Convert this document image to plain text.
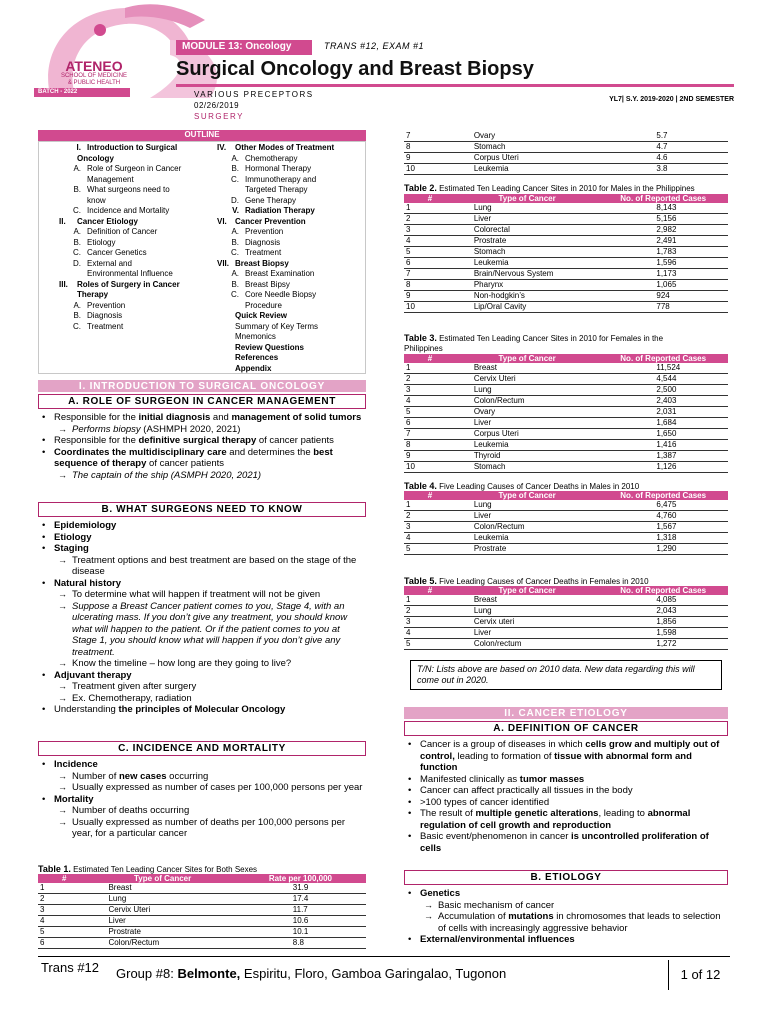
ATENEO
SCHOOL OF MEDICINE
& PUBLIC HEALTH
BATCH - 2022
MODULE 13: Oncology	TRANS #12, EXAM #1
Surgical Oncology and Breast Biopsy
VARIOUS PRECEPTORS
02/26/2019
SURGERY
YL7| S.Y. 2019-2020 | 2ND SEMESTER
OUTLINE
I. Introduction to Surgical
Oncology
A. Role of Surgeon in Cancer
Management
B. What surgeons need to
know
C. Incidence and Mortality
II. Cancer Etiology
A. Definition of Cancer
B. Etiology
C. Cancer Genetics
D. External and
Environmental Influence
III. Roles of Surgery in Cancer
Therapy
A. Prevention
B. Diagnosis
C. Treatment
IV. Other Modes of Treatment
A. Chemotherapy
B. Hormonal Therapy
C. Immunotherapy and
Targeted Therapy
D. Gene Therapy
V. Radiation Therapy
VI. Cancer Prevention
A. Prevention
B. Diagnosis
C. Treatment
VII. Breast Biopsy
A. Breast Examination
B. Breast Bipsy
C. Core Needle Biopsy
Procedure
Quick Review
Summary of Key Terms
Mnemonics
Review Questions
References
Appendix
I. INTRODUCTION TO SURGICAL ONCOLOGY
A. ROLE OF SURGEON IN CANCER MANAGEMENT
• Responsible for the initial diagnosis and management of solid tumors
→ Performs biopsy (ASHMPH 2020, 2021)
• Responsible for the definitive surgical therapy of cancer patients
• Coordinates the multidisciplinary care and determines the best sequence of therapy of cancer patients
→ The captain of the ship (ASMPH 2020, 2021)
B. WHAT SURGEONS NEED TO KNOW
• Epidemiology
• Etiology
• Staging
→ Treatment options and best treatment are based on the stage of the disease
• Natural history
→ To determine what will happen if treatment will not be given
→ Suppose a Breast Cancer patient comes to you, Stage 4, with an ulcerating mass. If you don’t give any treatment, you should know what will happen to the patient. Or if the patient comes to you at Stage 1, you should know what will happen if you don’t give any treatment.
→ Know the timeline – how long are they going to live?
• Adjuvant therapy
→ Treatment given after surgery
→ Ex. Chemotherapy, radiation
• Understanding the principles of Molecular Oncology
C. INCIDENCE AND MORTALITY
• Incidence
→ Number of new cases occurring
→ Usually expressed as number of cases per 100,000 persons per year
• Mortality
→ Number of deaths occurring
→ Usually expressed as number of deaths per 100,000 persons per year, for a particular cancer
Table 1. Estimated Ten Leading Cancer Sites for Both Sexes
#	Type of Cancer	Rate per 100,000
1	Breast	31.9
2	Lung	17.4
3	Cervix Uteri	11.7
4	Liver	10.6
5	Prostrate	10.1
6	Colon/Rectum	8.8
7	Ovary	5.7
8	Stomach	4.7
9	Corpus Uteri	4.6
10	Leukemia	3.8
Table 2. Estimated Ten Leading Cancer Sites in 2010 for Males in the Philippines
#	Type of Cancer	No. of Reported Cases
1	Lung	8,143
2	Liver	5,156
3	Colorectal	2,982
4	Prostrate	2,491
5	Stomach	1,783
6	Leukemia	1,596
7	Brain/Nervous System	1,173
8	Pharynx	1,065
9	Non-hodgkin’s	924
10	Lip/Oral Cavity	778
Table 3. Estimated Ten Leading Cancer Sites in 2010 for Females in the Philippines
#	Type of Cancer	No. of Reported Cases
1	Breast	11,524
2	Cervix Uteri	4,544
3	Lung	2,500
4	Colon/Rectum	2,403
5	Ovary	2,031
6	Liver	1,684
7	Corpus Uteri	1,650
8	Leukemia	1,416
9	Thyroid	1,387
10	Stomach	1,126
Table 4. Five Leading Causes of Cancer Deaths in Males in 2010
#	Type of Cancer	No. of Reported Cases
1	Lung	6,475
2	Liver	4,760
3	Colon/Rectum	1,567
4	Leukemia	1,318
5	Prostrate	1,290
Table 5. Five Leading Causes of Cancer Deaths in Females in 2010
#	Type of Cancer	No. of Reported Cases
1	Breast	4,085
2	Lung	2,043
3	Cervix uteri	1,856
4	Liver	1,598
5	Colon/rectum	1,272
T/N: Lists above are based on 2010 data. New data regarding this will come out in 2020.
II. CANCER ETIOLOGY
A. DEFINITION OF CANCER
• Cancer is a group of diseases in which cells grow and multiply out of control, leading to formation of tissue with abnormal form and function
• Manifested clinically as tumor masses
• Cancer can affect practically all tissues in the body
• >100 types of cancer identified
• The result of multiple genetic alterations, leading to abnormal regulation of cell growth and reproduction
• Basic event/phenomenon in cancer is uncontrolled proliferation of cells
B. ETIOLOGY
• Genetics
→ Basic mechanism of cancer
→ Accumulation of mutations in chromosomes that leads to selection of cells with increasingly aggressive behavior
• External/environmental influences
Trans #12 Group #8: Belmonte, Espiritu, Floro, Gamboa Garingalao, Tugonon	1 of 12
